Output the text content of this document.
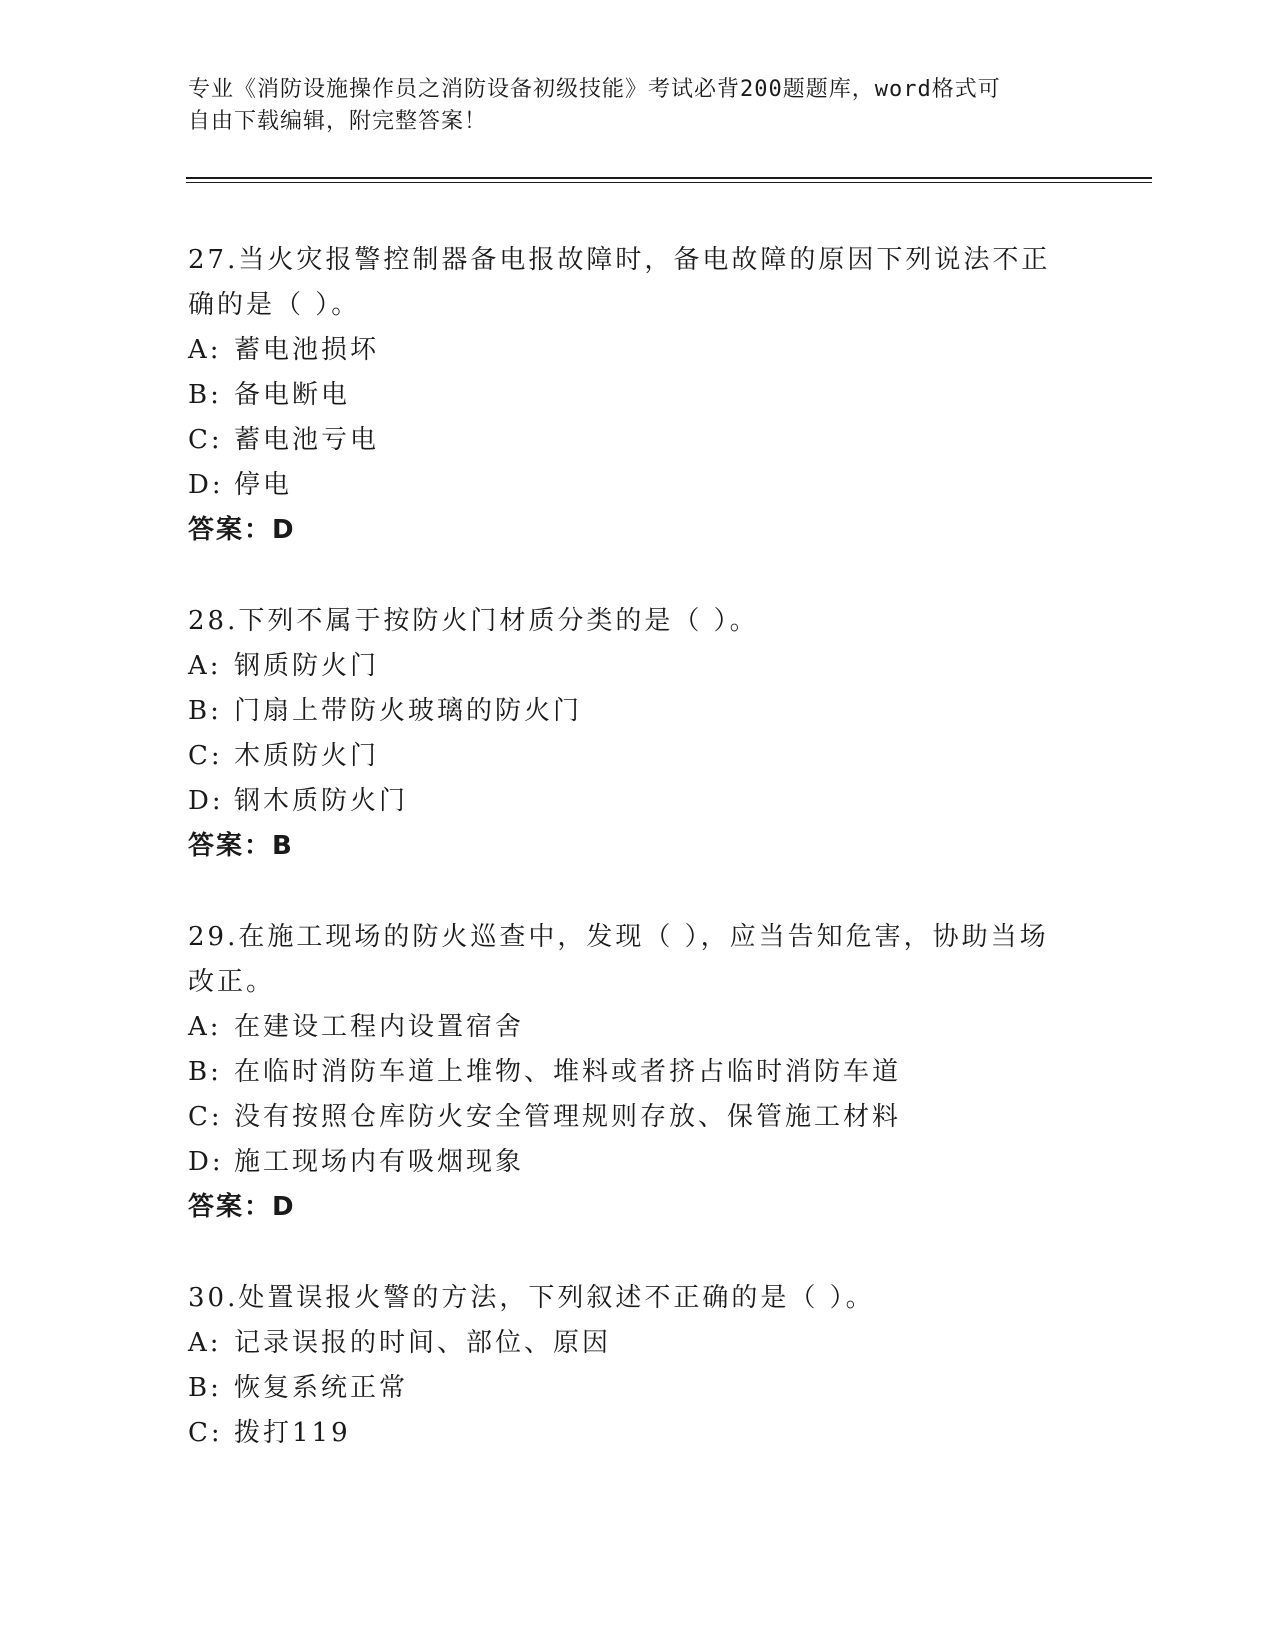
专业《消防设施操作员之消防设备初级技能》考试必背200题题库，word格式可
自由下载编辑，附完整答案！
27.当火灾报警控制器备电报故障时，备电故障的原因下列说法不正确的是（ ）。
A: 蓄电池损坏
B: 备电断电
C: 蓄电池亏电
D: 停电
答案：D
28.下列不属于按防火门材质分类的是（ ）。
A: 钢质防火门
B: 门扇上带防火玻璃的防火门
C: 木质防火门
D: 钢木质防火门
答案：B
29.在施工现场的防火巡查中，发现（ ），应当告知危害，协助当场改正。
A: 在建设工程内设置宿舍
B: 在临时消防车道上堆物、堆料或者挤占临时消防车道
C: 没有按照仓库防火安全管理规则存放、保管施工材料
D: 施工现场内有吸烟现象
答案：D
30.处置误报火警的方法，下列叙述不正确的是（ ）。
A: 记录误报的时间、部位、原因
B: 恢复系统正常
C: 拨打119
